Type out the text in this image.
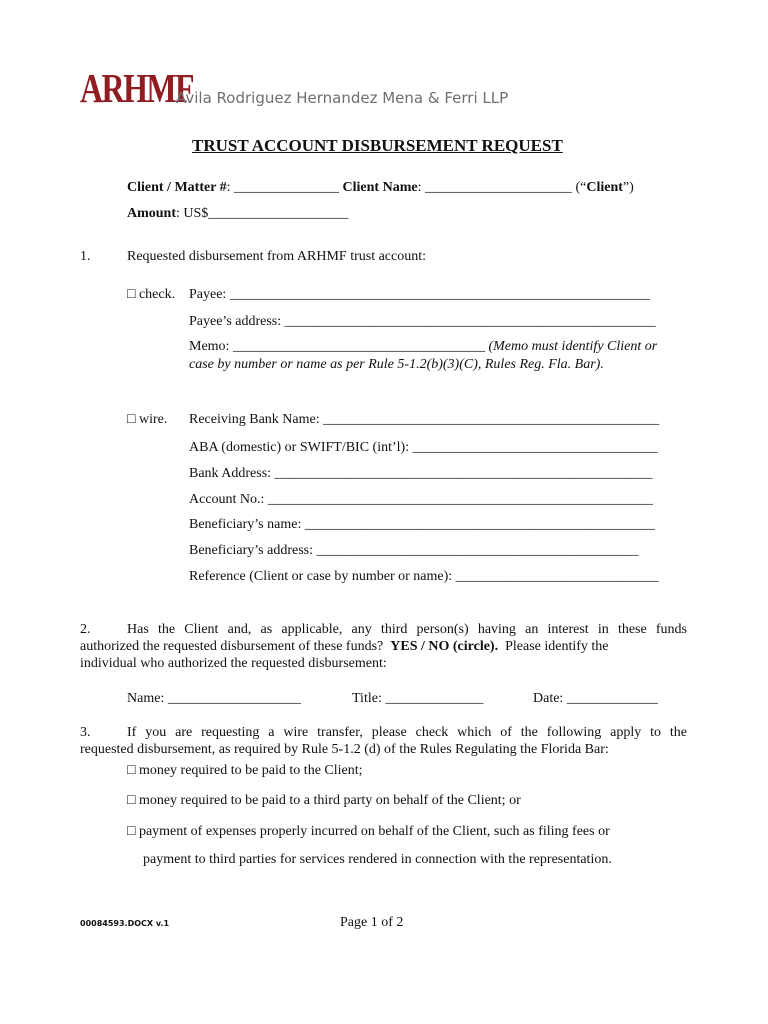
ARHMF
Avila Rodriguez Hernandez Mena & Ferri LLP
TRUST ACCOUNT DISBURSEMENT REQUEST
Client / Matter #: _______________ Client Name: _____________________ (“Client”)
Amount: US$____________________
1.	Requested disbursement from ARHMF trust account:
□ check. Payee: ____________________________________________________________
Payee’s address: _____________________________________________________
Memo: ____________________________________ (Memo must identify Client or
case by number or name as per Rule 5-1.2(b)(3)(C), Rules Reg. Fla. Bar).
□ wire. Receiving Bank Name: ________________________________________________
ABA (domestic) or SWIFT/BIC (int’l): ___________________________________
Bank Address: ______________________________________________________
Account No.: _______________________________________________________
Beneficiary’s name: __________________________________________________
Beneficiary’s address: ______________________________________________
Reference (Client or case by number or name): _____________________________
2.	Has the Client and, as applicable, any third person(s) having an interest in these funds
authorized the requested disbursement of these funds? YES / NO (circle). Please identify the
individual who authorized the requested disbursement:
Name: ___________________	Title: ______________	Date: _____________
3.	If you are requesting a wire transfer, please check which of the following apply to the
requested disbursement, as required by Rule 5-1.2 (d) of the Rules Regulating the Florida Bar:
□ money required to be paid to the Client;
□ money required to be paid to a third party on behalf of the Client; or
□ payment of expenses properly incurred on behalf of the Client, such as filing fees or
payment to third parties for services rendered in connection with the representation.
00084593.DOCX v.1	Page 1 of 2
